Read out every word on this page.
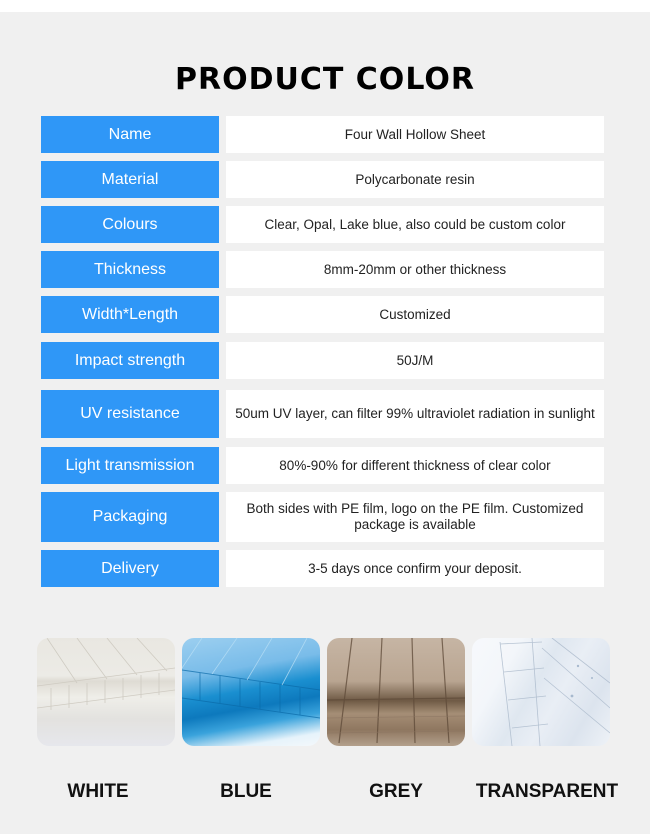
PRODUCT COLOR
Name	Four Wall Hollow Sheet
Material	Polycarbonate resin
Colours	Clear, Opal, Lake blue, also could be custom color
Thickness	8mm-20mm or other thickness
Width*Length	Customized
Impact strength	50J/M
UV resistance	50um UV layer, can filter 99% ultraviolet radiation in sunlight
Light transmission	80%-90% for different thickness of clear color
Packaging	Both sides with PE film, logo on the PE film. Customized package is available
Delivery	3-5 days once confirm your deposit.
WHITE	BLUE	GREY	TRANSPARENT
